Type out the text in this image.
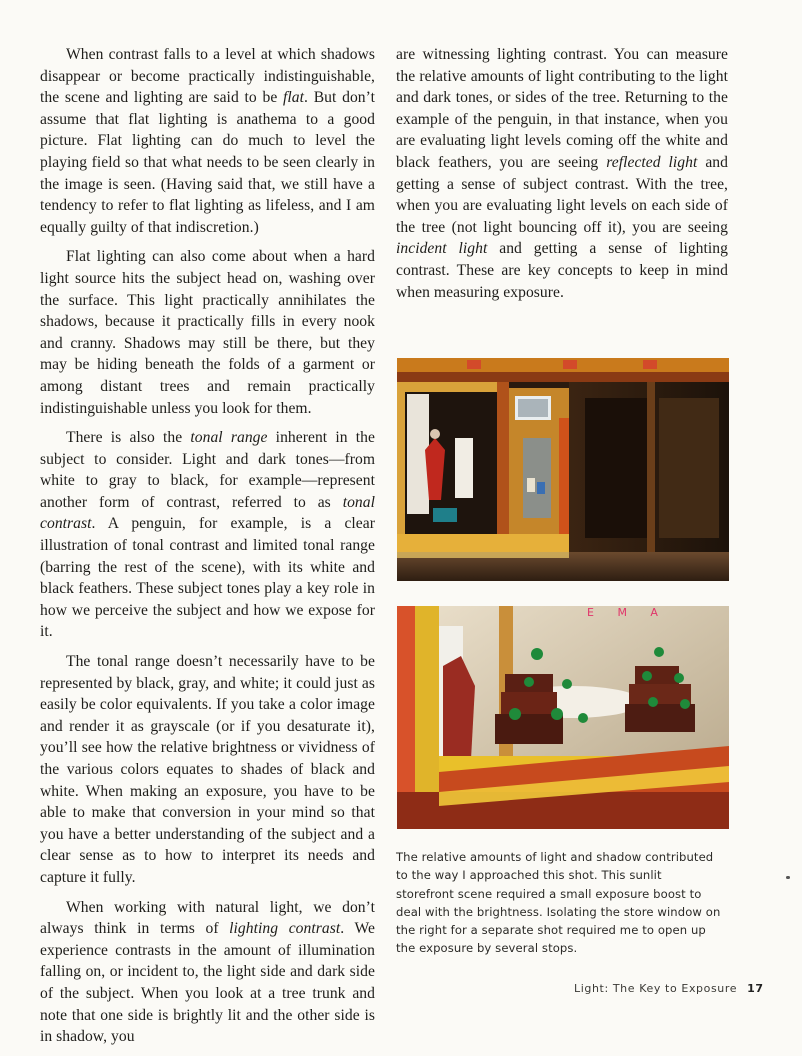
When contrast falls to a level at which shadows disappear or become practically indistinguishable, the scene and lighting are said to be flat. But don’t assume that flat lighting is anathema to a good picture. Flat lighting can do much to level the playing field so that what needs to be seen clearly in the image is seen. (Having said that, we still have a tendency to refer to flat lighting as lifeless, and I am equally guilty of that indiscretion.)

Flat lighting can also come about when a hard light source hits the subject head on, washing over the surface. This light practically annihilates the shadows, because it practically fills in every nook and cranny. Shadows may still be there, but they may be hiding beneath the folds of a garment or among distant trees and remain practically indistinguishable unless you look for them.

There is also the tonal range inherent in the subject to consider. Light and dark tones—from white to gray to black, for example—represent another form of contrast, referred to as tonal contrast. A penguin, for example, is a clear illustration of tonal contrast and limited tonal range (barring the rest of the scene), with its white and black feathers. These subject tones play a key role in how we perceive the subject and how we expose for it.

The tonal range doesn’t necessarily have to be represented by black, gray, and white; it could just as easily be color equivalents. If you take a color image and render it as grayscale (or if you desaturate it), you’ll see how the relative brightness or vividness of the various colors equates to shades of black and white. When making an exposure, you have to be able to make that conversion in your mind so that you have a better understanding of the subject and a clear sense as to how to interpret its needs and capture it fully.

When working with natural light, we don’t always think in terms of lighting contrast. We experience contrasts in the amount of illumination falling on, or incident to, the light side and dark side of the subject. When you look at a tree trunk and note that one side is brightly lit and the other side is in shadow, you

are witnessing lighting contrast. You can measure the relative amounts of light contributing to the light and dark tones, or sides of the tree. Returning to the example of the penguin, in that instance, when you are evaluating light levels coming off the white and black feathers, you are seeing reflected light and getting a sense of subject contrast. With the tree, when you are evaluating light levels on each side of the tree (not light bouncing off it), you are seeing incident light and getting a sense of lighting contrast. These are key concepts to keep in mind when measuring exposure.

E M A
The relative amounts of light and shadow contributed to the way I approached this shot. This sunlit storefront scene required a small exposure boost to deal with the brightness. Isolating the store window on the right for a separate shot required me to open up the exposure by several stops.
Light: The Key to Exposure 17
